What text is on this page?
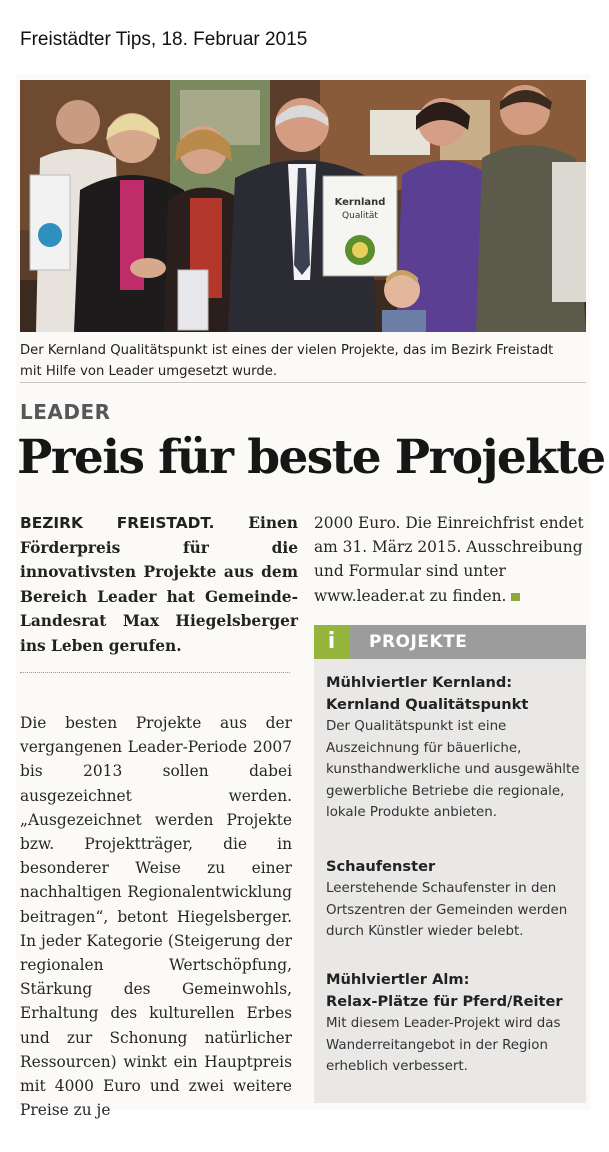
Freistädter Tips, 18. Februar 2015
Kernland
Qualität
Der Kernland Qualitätspunkt ist eines der vielen Projekte, das im Bezirk Freistadt mit Hilfe von Leader umgesetzt wurde.
LEADER
Preis für beste Projekte
BEZIRK FREISTADT. Einen Förderpreis für die innovativsten Projekte aus dem Bereich Leader hat Gemeinde-Landesrat Max Hiegelsberger ins Leben gerufen.
Die besten Projekte aus der vergangenen Leader-Periode 2007 bis 2013 sollen dabei ausgezeichnet werden. „Ausgezeichnet werden Projekte bzw. Projektträger, die in besonderer Weise zu einer nachhaltigen Regionalentwicklung beitragen“, betont Hiegelsberger. In jeder Kategorie (Steigerung der regionalen Wertschöpfung, Stärkung des Gemeinwohls, Erhaltung des kulturellen Erbes und zur Schonung natürlicher Ressourcen) winkt ein Hauptpreis mit 4000 Euro und zwei weitere Preise zu je
2000 Euro. Die Einreichfrist endet am 31. März 2015. Ausschreibung und Formular sind unter www.leader.at zu finden.
i	PROJEKTE
Mühlviertler Kernland:
Kernland Qualitätspunkt

Der Qualitätspunkt ist eine Auszeichnung für bäuerliche, kunsthandwerkliche und ausgewählte gewerbliche Betriebe die regionale, lokale Produkte anbieten.

Schaufenster

Leerstehende Schaufenster in den Ortszentren der Gemeinden werden durch Künstler wieder belebt.

Mühlviertler Alm:
Relax-Plätze für Pferd/Reiter

Mit diesem Leader-Projekt wird das Wanderreitangebot in der Region erheblich verbessert.
